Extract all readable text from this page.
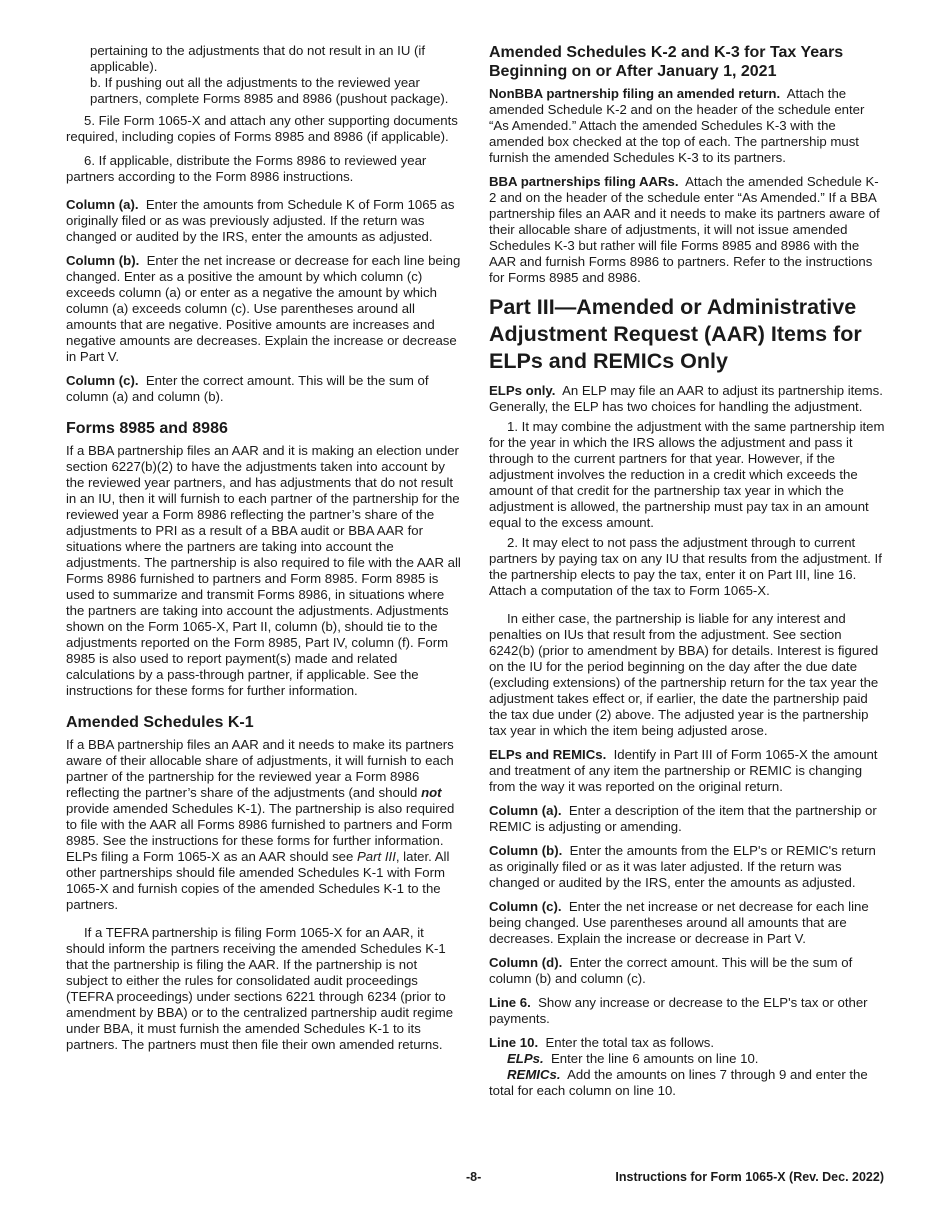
pertaining to the adjustments that do not result in an IU (if applicable).

b. If pushing out all the adjustments to the reviewed year partners, complete Forms 8985 and 8986 (pushout package).

5. File Form 1065-X and attach any other supporting documents required, including copies of Forms 8985 and 8986 (if applicable).

6. If applicable, distribute the Forms 8986 to reviewed year partners according to the Form 8986 instructions.

Column (a). Enter the amounts from Schedule K of Form 1065 as originally filed or as was previously adjusted. If the return was changed or audited by the IRS, enter the amounts as adjusted.

Column (b). Enter the net increase or decrease for each line being changed. Enter as a positive the amount by which column (c) exceeds column (a) or enter as a negative the amount by which column (a) exceeds column (c). Use parentheses around all amounts that are negative. Positive amounts are increases and negative amounts are decreases. Explain the increase or decrease in Part V.

Column (c). Enter the correct amount. This will be the sum of column (a) and column (b).

Forms 8985 and 8986

If a BBA partnership files an AAR and it is making an election under section 6227(b)(2) to have the adjustments taken into account by the reviewed year partners, and has adjustments that do not result in an IU, then it will furnish to each partner of the partnership for the reviewed year a Form 8986 reflecting the partner’s share of the adjustments to PRI as a result of a BBA audit or BBA AAR for situations where the partners are taking into account the adjustments. The partnership is also required to file with the AAR all Forms 8986 furnished to partners and Form 8985. Form 8985 is used to summarize and transmit Forms 8986, in situations where the partners are taking into account the adjustments. Adjustments shown on the Form 1065-X, Part II, column (b), should tie to the adjustments reported on the Form 8985, Part IV, column (f). Form 8985 is also used to report payment(s) made and related calculations by a pass-through partner, if applicable. See the instructions for these forms for further information.

Amended Schedules K-1

If a BBA partnership files an AAR and it needs to make its partners aware of their allocable share of adjustments, it will furnish to each partner of the partnership for the reviewed year a Form 8986 reflecting the partner’s share of the adjustments (and should not provide amended Schedules K-1). The partnership is also required to file with the AAR all Forms 8986 furnished to partners and Form 8985. See the instructions for these forms for further information. ELPs filing a Form 1065-X as an AAR should see Part III, later. All other partnerships should file amended Schedules K-1 with Form 1065-X and furnish copies of the amended Schedules K-1 to the partners.

If a TEFRA partnership is filing Form 1065-X for an AAR, it should inform the partners receiving the amended Schedules K-1 that the partnership is filing the AAR. If the partnership is not subject to either the rules for consolidated audit proceedings (TEFRA proceedings) under sections 6221 through 6234 (prior to amendment by BBA) or to the centralized partnership audit regime under BBA, it must furnish the amended Schedules K-1 to its partners. The partners must then file their own amended returns.

Amended Schedules K-2 and K-3 for Tax Years Beginning on or After January 1, 2021

NonBBA partnership filing an amended return. Attach the amended Schedule K-2 and on the header of the schedule enter “As Amended.” Attach the amended Schedules K-3 with the amended box checked at the top of each. The partnership must furnish the amended Schedules K-3 to its partners.

BBA partnerships filing AARs. Attach the amended Schedule K-2 and on the header of the schedule enter “As Amended.” If a BBA partnership files an AAR and it needs to make its partners aware of their allocable share of adjustments, it will not issue amended Schedules K-3 but rather will file Forms 8985 and 8986 with the AAR and furnish Forms 8986 to partners. Refer to the instructions for Forms 8985 and 8986.

Part III—Amended or Administrative Adjustment Request (AAR) Items for ELPs and REMICs Only

ELPs only. An ELP may file an AAR to adjust its partnership items. Generally, the ELP has two choices for handling the adjustment.

1. It may combine the adjustment with the same partnership item for the year in which the IRS allows the adjustment and pass it through to the current partners for that year. However, if the adjustment involves the reduction in a credit which exceeds the amount of that credit for the partnership tax year in which the adjustment is allowed, the partnership must pay tax in an amount equal to the excess amount.

2. It may elect to not pass the adjustment through to current partners by paying tax on any IU that results from the adjustment. If the partnership elects to pay the tax, enter it on Part III, line 16. Attach a computation of the tax to Form 1065-X.

In either case, the partnership is liable for any interest and penalties on IUs that result from the adjustment. See section 6242(b) (prior to amendment by BBA) for details. Interest is figured on the IU for the period beginning on the day after the due date (excluding extensions) of the partnership return for the tax year the adjustment takes effect or, if earlier, the date the partnership paid the tax due under (2) above. The adjusted year is the partnership tax year in which the item being adjusted arose.

ELPs and REMICs. Identify in Part III of Form 1065-X the amount and treatment of any item the partnership or REMIC is changing from the way it was reported on the original return.

Column (a). Enter a description of the item that the partnership or REMIC is adjusting or amending.

Column (b). Enter the amounts from the ELP's or REMIC's return as originally filed or as it was later adjusted. If the return was changed or audited by the IRS, enter the amounts as adjusted.

Column (c). Enter the net increase or net decrease for each line being changed. Use parentheses around all amounts that are decreases. Explain the increase or decrease in Part V.

Column (d). Enter the correct amount. This will be the sum of column (b) and column (c).

Line 6. Show any increase or decrease to the ELP's tax or other payments.

Line 10. Enter the total tax as follows.

ELPs. Enter the line 6 amounts on line 10.

REMICs. Add the amounts on lines 7 through 9 and enter the total for each column on line 10.

-8-	Instructions for Form 1065-X (Rev. Dec. 2022)
